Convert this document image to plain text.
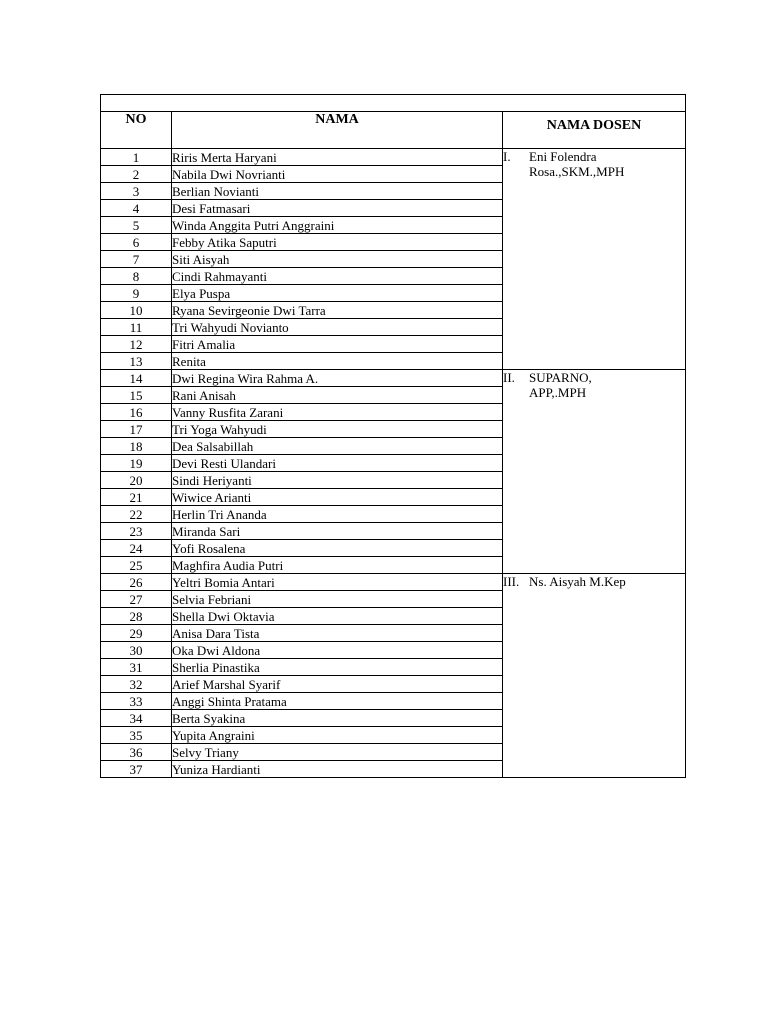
NO	NAMA	NAMA DOSEN
1	Riris Merta Haryani	I. Eni Folendra
Rosa.,SKM.,MPH

2	Nabila Dwi Novrianti	
3	Berlian Novianti	
4	Desi Fatmasari	
5	Winda Anggita Putri Anggraini	
6	Febby Atika Saputri	
7	Siti Aisyah	
8	Cindi Rahmayanti	
9	Elya Puspa	
10	Ryana Sevirgeonie Dwi Tarra	
11	Tri Wahyudi Novianto	
12	Fitri Amalia	
13	Renita	
14	Dwi Regina Wira Rahma A.	II. SUPARNO,
APP,.MPH

15	Rani Anisah	
16	Vanny Rusfita Zarani	
17	Tri Yoga Wahyudi	
18	Dea Salsabillah	
19	Devi Resti Ulandari	
20	Sindi Heriyanti	
21	Wiwice Arianti	
22	Herlin Tri Ananda	
23	Miranda Sari	
24	Yofi Rosalena	
25	Maghfira Audia Putri	
26	Yeltri Bomia Antari	III. Ns. Aisyah M.Kep

27	Selvia Febriani	
28	Shella Dwi Oktavia	
29	Anisa Dara Tista	
30	Oka Dwi Aldona	
31	Sherlia Pinastika	
32	Arief Marshal Syarif	
33	Anggi Shinta Pratama	
34	Berta Syakina	
35	Yupita Angraini	
36	Selvy Triany	
37	Yuniza Hardianti	
